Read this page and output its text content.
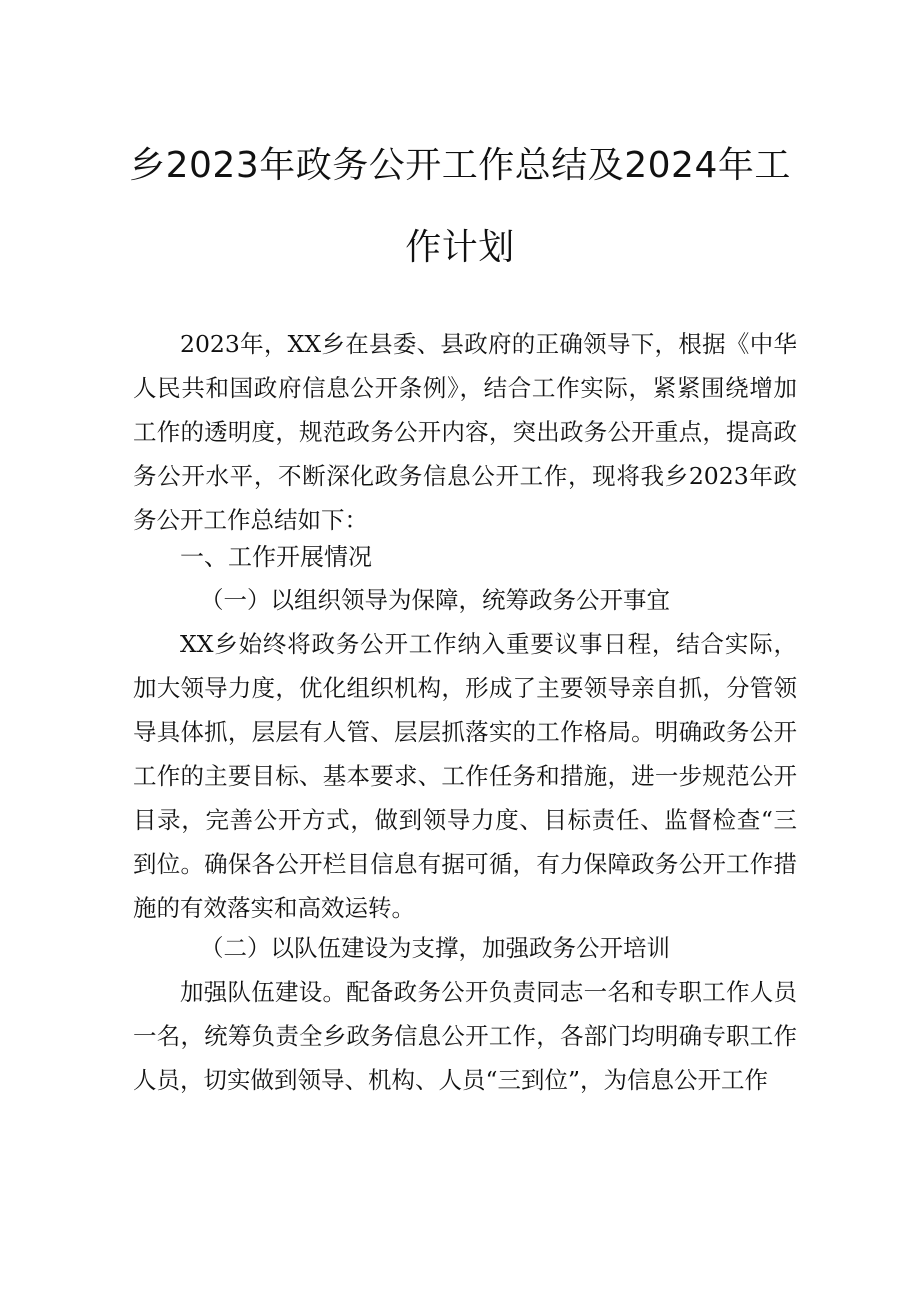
乡2023年政务公开工作总结及2024年工
作计划

2023年，XX乡在县委、县政府的正确领导下，根据《中华人民共和国政府信息公开条例》，结合工作实际，紧紧围绕增加工作的透明度，规范政务公开内容，突出政务公开重点，提高政务公开水平，不断深化政务信息公开工作，现将我乡2023年政务公开工作总结如下：

一、工作开展情况

（一）以组织领导为保障，统筹政务公开事宜

XX乡始终将政务公开工作纳入重要议事日程，结合实际，加大领导力度，优化组织机构，形成了主要领导亲自抓，分管领导具体抓，层层有人管、层层抓落实的工作格局。明确政务公开工作的主要目标、基本要求、工作任务和措施，进一步规范公开目录，完善公开方式，做到领导力度、目标责任、监督检查“三到位。确保各公开栏目信息有据可循，有力保障政务公开工作措施的有效落实和高效运转。

（二）以队伍建设为支撑，加强政务公开培训

加强队伍建设。配备政务公开负责同志一名和专职工作人员一名，统筹负责全乡政务信息公开工作，各部门均明确专职工作人员，切实做到领导、机构、人员“三到位”，为信息公开工作
